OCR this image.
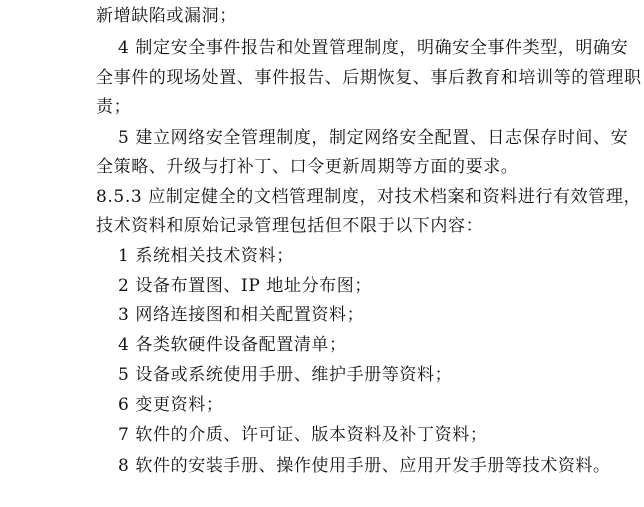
新增缺陷或漏洞；
4 制定安全事件报告和处置管理制度，明确安全事件类型，明确安
全事件的现场处置、事件报告、后期恢复、事后教育和培训等的管理职
责；
5 建立网络安全管理制度，制定网络安全配置、日志保存时间、安
全策略、升级与打补丁、口令更新周期等方面的要求。
8.5.3 应制定健全的文档管理制度，对技术档案和资料进行有效管理，
技术资料和原始记录管理包括但不限于以下内容：
1 系统相关技术资料；
2 设备布置图、IP 地址分布图；
3 网络连接图和相关配置资料；
4 各类软硬件设备配置清单；
5 设备或系统使用手册、维护手册等资料；
6 变更资料；
7 软件的介质、许可证、版本资料及补丁资料；
8 软件的安装手册、操作使用手册、应用开发手册等技术资料。
